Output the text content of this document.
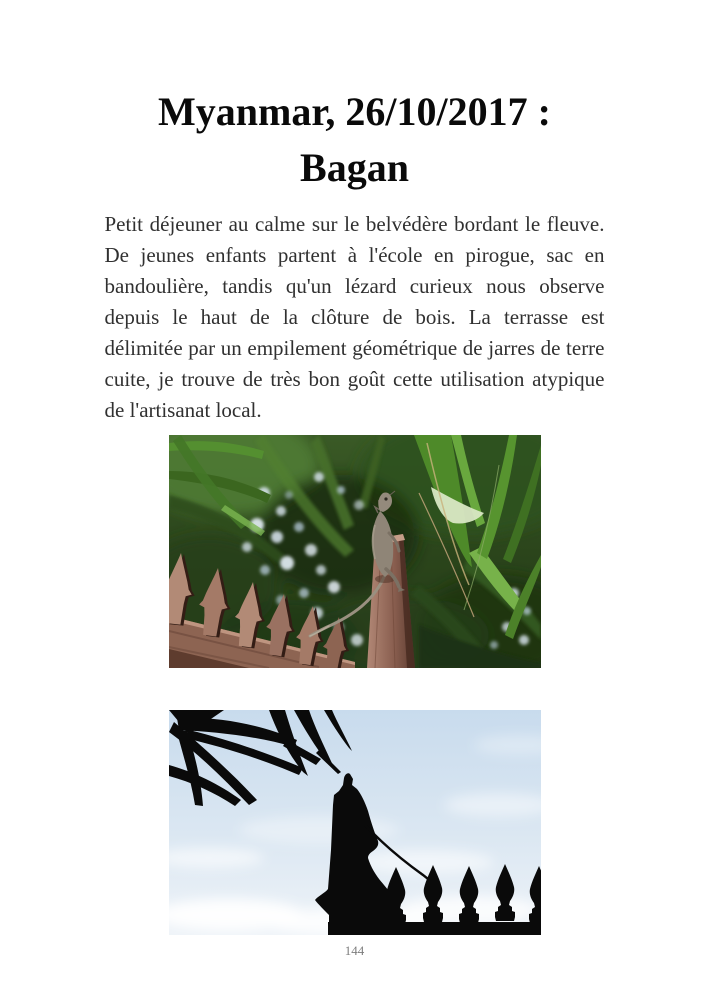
Myanmar, 26/10/2017 :
Bagan

Petit déjeuner au calme sur le belvédère bordant le fleuve. De jeunes enfants partent à l'école en pirogue, sac en bandoulière, tandis qu'un lézard curieux nous observe depuis le haut de la clôture de bois. La terrasse est délimitée par un empilement géométrique de jarres de terre cuite, je trouve de très bon goût cette utilisation atypique de l'artisanat local.

144
